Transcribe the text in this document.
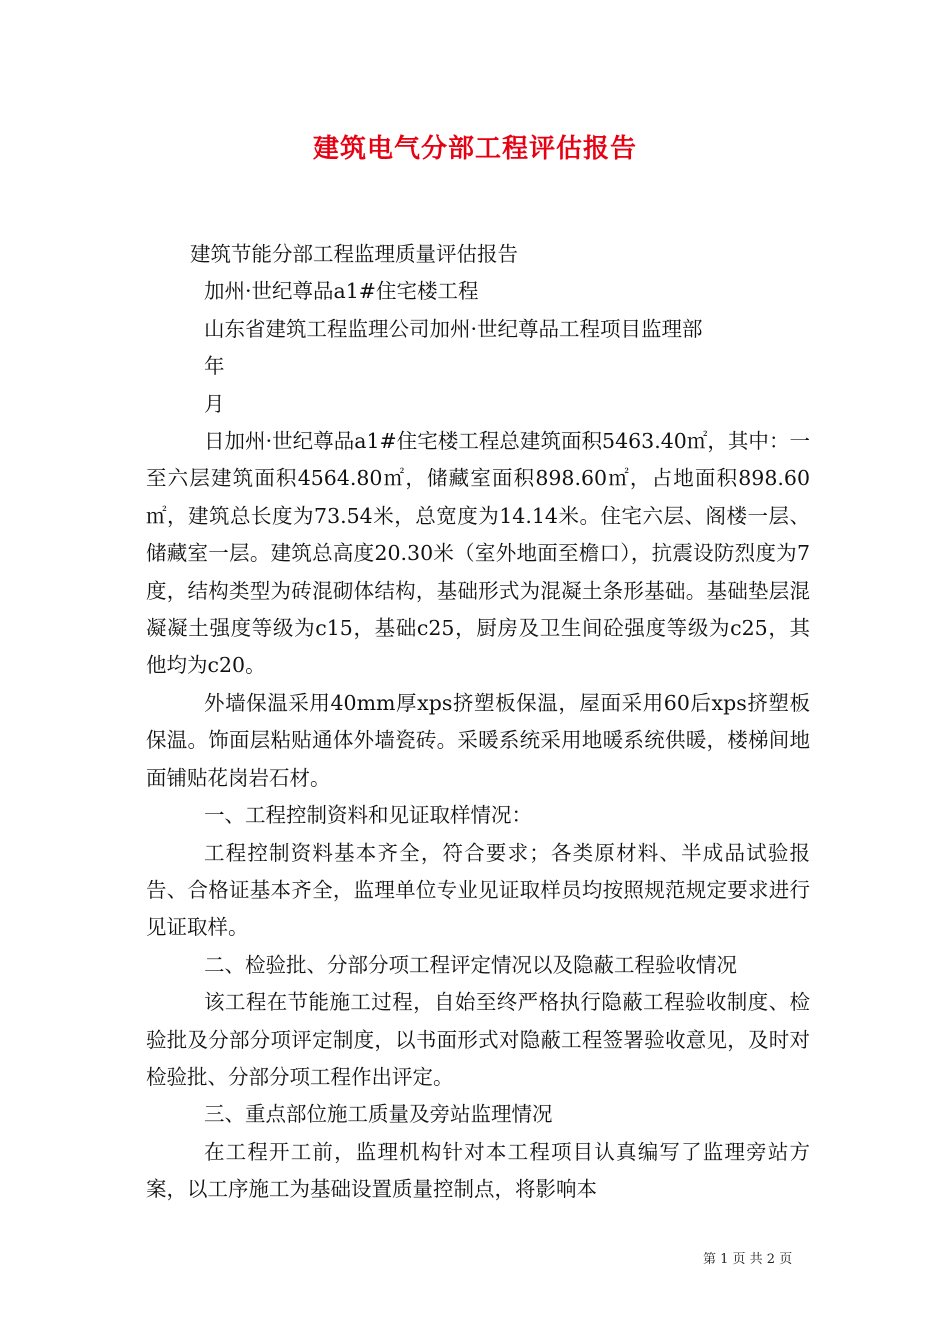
建筑电气分部工程评估报告

建筑节能分部工程监理质量评估报告

加州·世纪尊品a1#住宅楼工程

山东省建筑工程监理公司加州·世纪尊品工程项目监理部

年

月

日加州·世纪尊品a1#住宅楼工程总建筑面积5463.40㎡，其中：一至六层建筑面积4564.80㎡，储藏室面积898.60㎡，占地面积898.60㎡，建筑总长度为73.54米，总宽度为14.14米。住宅六层、阁楼一层、储藏室一层。建筑总高度20.30米（室外地面至檐口），抗震设防烈度为7度，结构类型为砖混砌体结构，基础形式为混凝土条形基础。基础垫层混凝凝土强度等级为c15，基础c25，厨房及卫生间砼强度等级为c25，其他均为c20。

外墙保温采用40mm厚xps挤塑板保温，屋面采用60后xps挤塑板保温。饰面层粘贴通体外墙瓷砖。采暖系统采用地暖系统供暖，楼梯间地面铺贴花岗岩石材。

一、工程控制资料和见证取样情况：

工程控制资料基本齐全，符合要求；各类原材料、半成品试验报告、合格证基本齐全，监理单位专业见证取样员均按照规范规定要求进行见证取样。

二、检验批、分部分项工程评定情况以及隐蔽工程验收情况

该工程在节能施工过程，自始至终严格执行隐蔽工程验收制度、检验批及分部分项评定制度，以书面形式对隐蔽工程签署验收意见，及时对检验批、分部分项工程作出评定。

三、重点部位施工质量及旁站监理情况

在工程开工前，监理机构针对本工程项目认真编写了监理旁站方案，以工序施工为基础设置质量控制点，将影响本

第 1 页 共 2 页
